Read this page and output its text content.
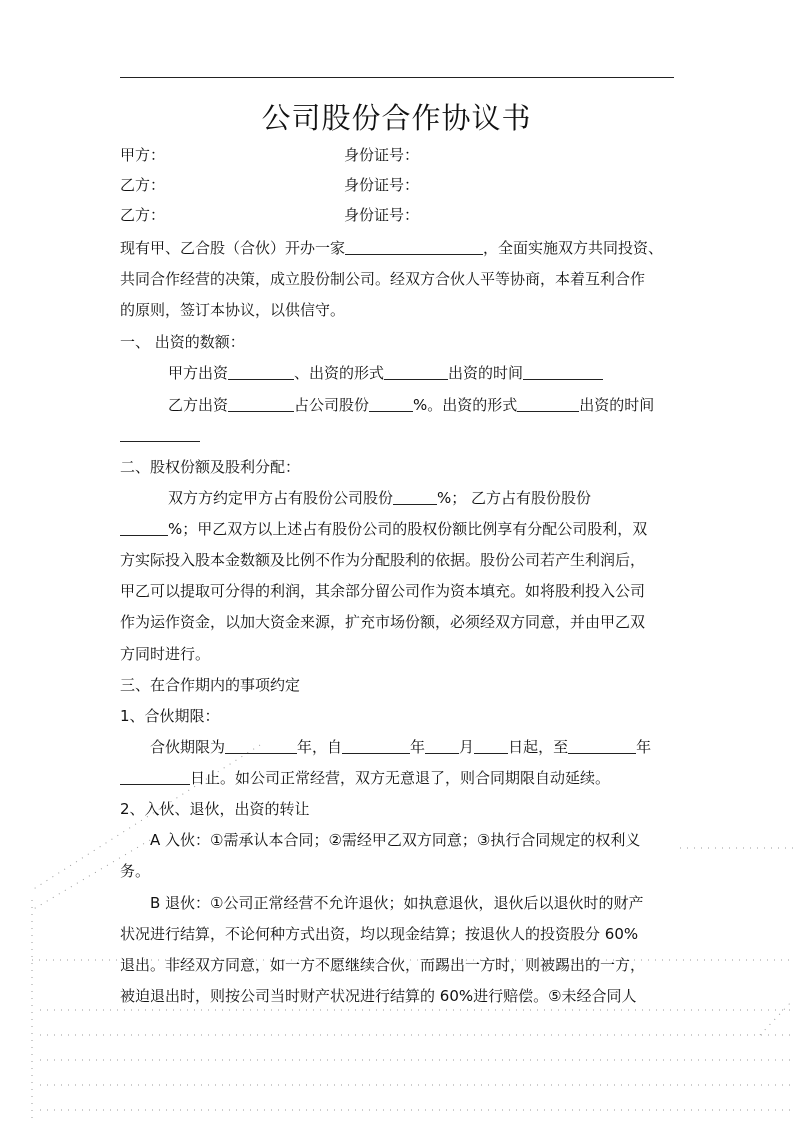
公司股份合作协议书
甲方：	身份证号：
乙方：	身份证号：
乙方：	身份证号：
现有甲、乙合股（合伙）开办一家	，全面实施双方共同投资、
共同合作经营的决策，成立股份制公司。经双方合伙人平等协商，本着互利合作
的原则，签订本协议，以供信守。
一、 出资的数额：
甲方出资	、出资的形式	出资的时间
乙方出资	占公司股份	%。出资的形式	出资的时间
二、股权份额及股利分配：
双方方约定甲方占有股份公司股份	%； 乙方占有股份股份
%；甲乙双方以上述占有股份公司的股权份额比例享有分配公司股利，双
方实际投入股本金数额及比例不作为分配股利的依据。股份公司若产生利润后，
甲乙可以提取可分得的利润，其余部分留公司作为资本填充。如将股利投入公司
作为运作资金，以加大资金来源，扩充市场份额，必须经双方同意，并由甲乙双
方同时进行。
三、在合作期内的事项约定
1、合伙期限：
合伙期限为	年，自	年 月 日起，至	年
日止。如公司正常经营，双方无意退了，则合同期限自动延续。
2、入伙、退伙，出资的转让
A 入伙：①需承认本合同；②需经甲乙双方同意；③执行合同规定的权利义
务。
B 退伙：①公司正常经营不允许退伙；如执意退伙，退伙后以退伙时的财产
状况进行结算，不论何种方式出资，均以现金结算；按退伙人的投资股分 60%
退出。非经双方同意，如一方不愿继续合伙，而踢出一方时，则被踢出的一方，
被迫退出时，则按公司当时财产状况进行结算的 60%进行赔偿。⑤未经合同人
